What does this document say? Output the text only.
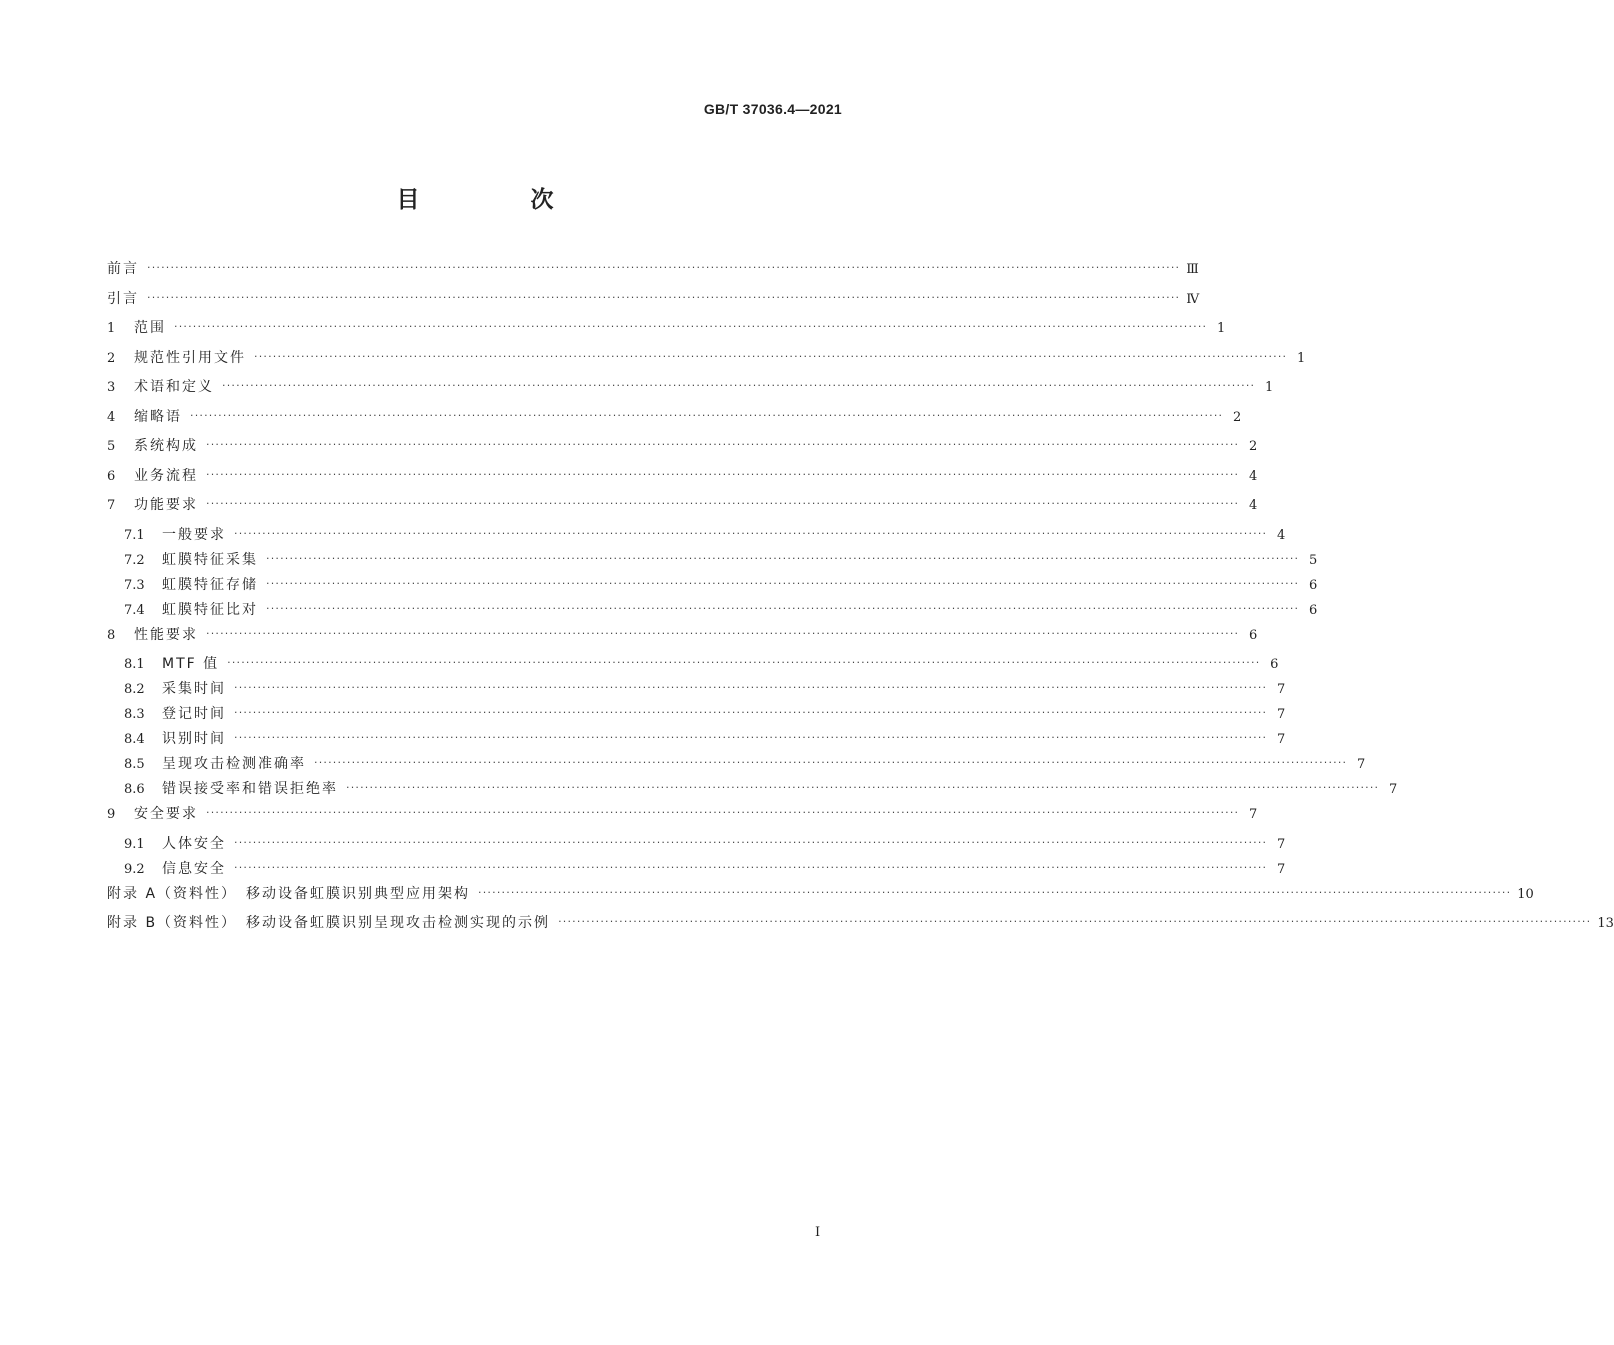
GB/T 37036.4—2021
目　次
前言 ···························································································································································································································· Ⅲ
引言 ···························································································································································································································· Ⅳ
1	范围 ···························································································································································································································· 1
2	规范性引用文件 ···························································································································································································································· 1
3	术语和定义 ···························································································································································································································· 1
4	缩略语 ···························································································································································································································· 2
5	系统构成 ···························································································································································································································· 2
6	业务流程 ···························································································································································································································· 4
7	功能要求 ···························································································································································································································· 4
7.1	一般要求 ···························································································································································································································· 4
7.2	虹膜特征采集 ···························································································································································································································· 5
7.3	虹膜特征存储 ···························································································································································································································· 6
7.4	虹膜特征比对 ···························································································································································································································· 6
8	性能要求 ···························································································································································································································· 6
8.1	MTF 值 ···························································································································································································································· 6
8.2	采集时间 ···························································································································································································································· 7
8.3	登记时间 ···························································································································································································································· 7
8.4	识别时间 ···························································································································································································································· 7
8.5	呈现攻击检测准确率 ···························································································································································································································· 7
8.6	错误接受率和错误拒绝率 ···························································································································································································································· 7
9	安全要求 ···························································································································································································································· 7
9.1	人体安全 ···························································································································································································································· 7
9.2	信息安全 ···························································································································································································································· 7
附录 A（资料性）　移动设备虹膜识别典型应用架构 ···························································································································································································································· 10
附录 B（资料性）　移动设备虹膜识别呈现攻击检测实现的示例 ···························································································································································································································· 13
I
